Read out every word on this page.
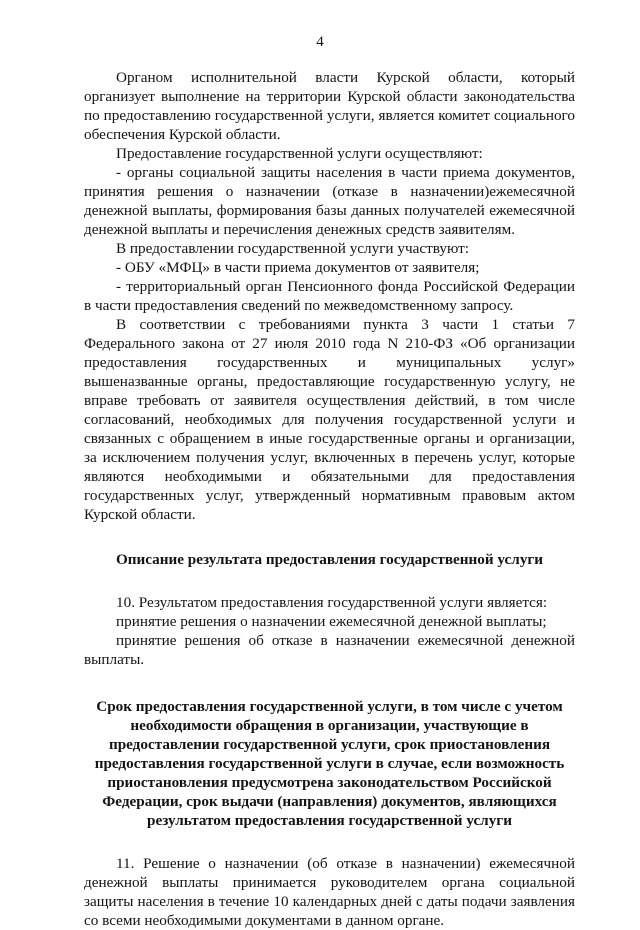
4

Органом исполнительной власти Курской области, который организует выполнение на территории Курской области законодательства по предоставлению государственной услуги, является комитет социального обеспечения Курской области.

Предоставление государственной услуги осуществляют:

- органы социальной защиты населения в части приема документов, принятия решения о назначении (отказе в назначении)ежемесячной денежной выплаты, формирования базы данных получателей ежемесячной денежной выплаты и перечисления денежных средств заявителям.

В предоставлении государственной услуги участвуют:

- ОБУ «МФЦ» в части приема документов от заявителя;

- территориальный орган Пенсионного фонда Российской Федерации в части предоставления сведений по межведомственному запросу.

В соответствии с требованиями пункта 3 части 1 статьи 7 Федерального закона от 27 июля 2010 года N 210-ФЗ «Об организации предоставления государственных и муниципальных услуг» вышеназванные органы, предоставляющие государственную услугу, не вправе требовать от заявителя осуществления действий, в том числе согласований, необходимых для получения государственной услуги и связанных с обращением в иные государственные органы и организации, за исключением получения услуг, включенных в перечень услуг, которые являются необходимыми и обязательными для предоставления государственных услуг, утвержденный нормативным правовым актом Курской области.

Описание результата предоставления государственной услуги

10. Результатом предоставления государственной услуги является:

принятие решения о назначении ежемесячной денежной выплаты;

принятие решения об отказе в назначении ежемесячной денежной выплаты.

Срок предоставления государственной услуги, в том числе с учетом необходимости обращения в организации, участвующие в предоставлении государственной услуги, срок приостановления предоставления государственной услуги в случае, если возможность приостановления предусмотрена законодательством Российской Федерации, срок выдачи (направления) документов, являющихся результатом предоставления государственной услуги

11. Решение о назначении (об отказе в назначении) ежемесячной денежной выплаты принимается руководителем органа социальной защиты населения в течение 10 календарных дней с даты подачи заявления со всеми необходимыми документами в данном органе.
